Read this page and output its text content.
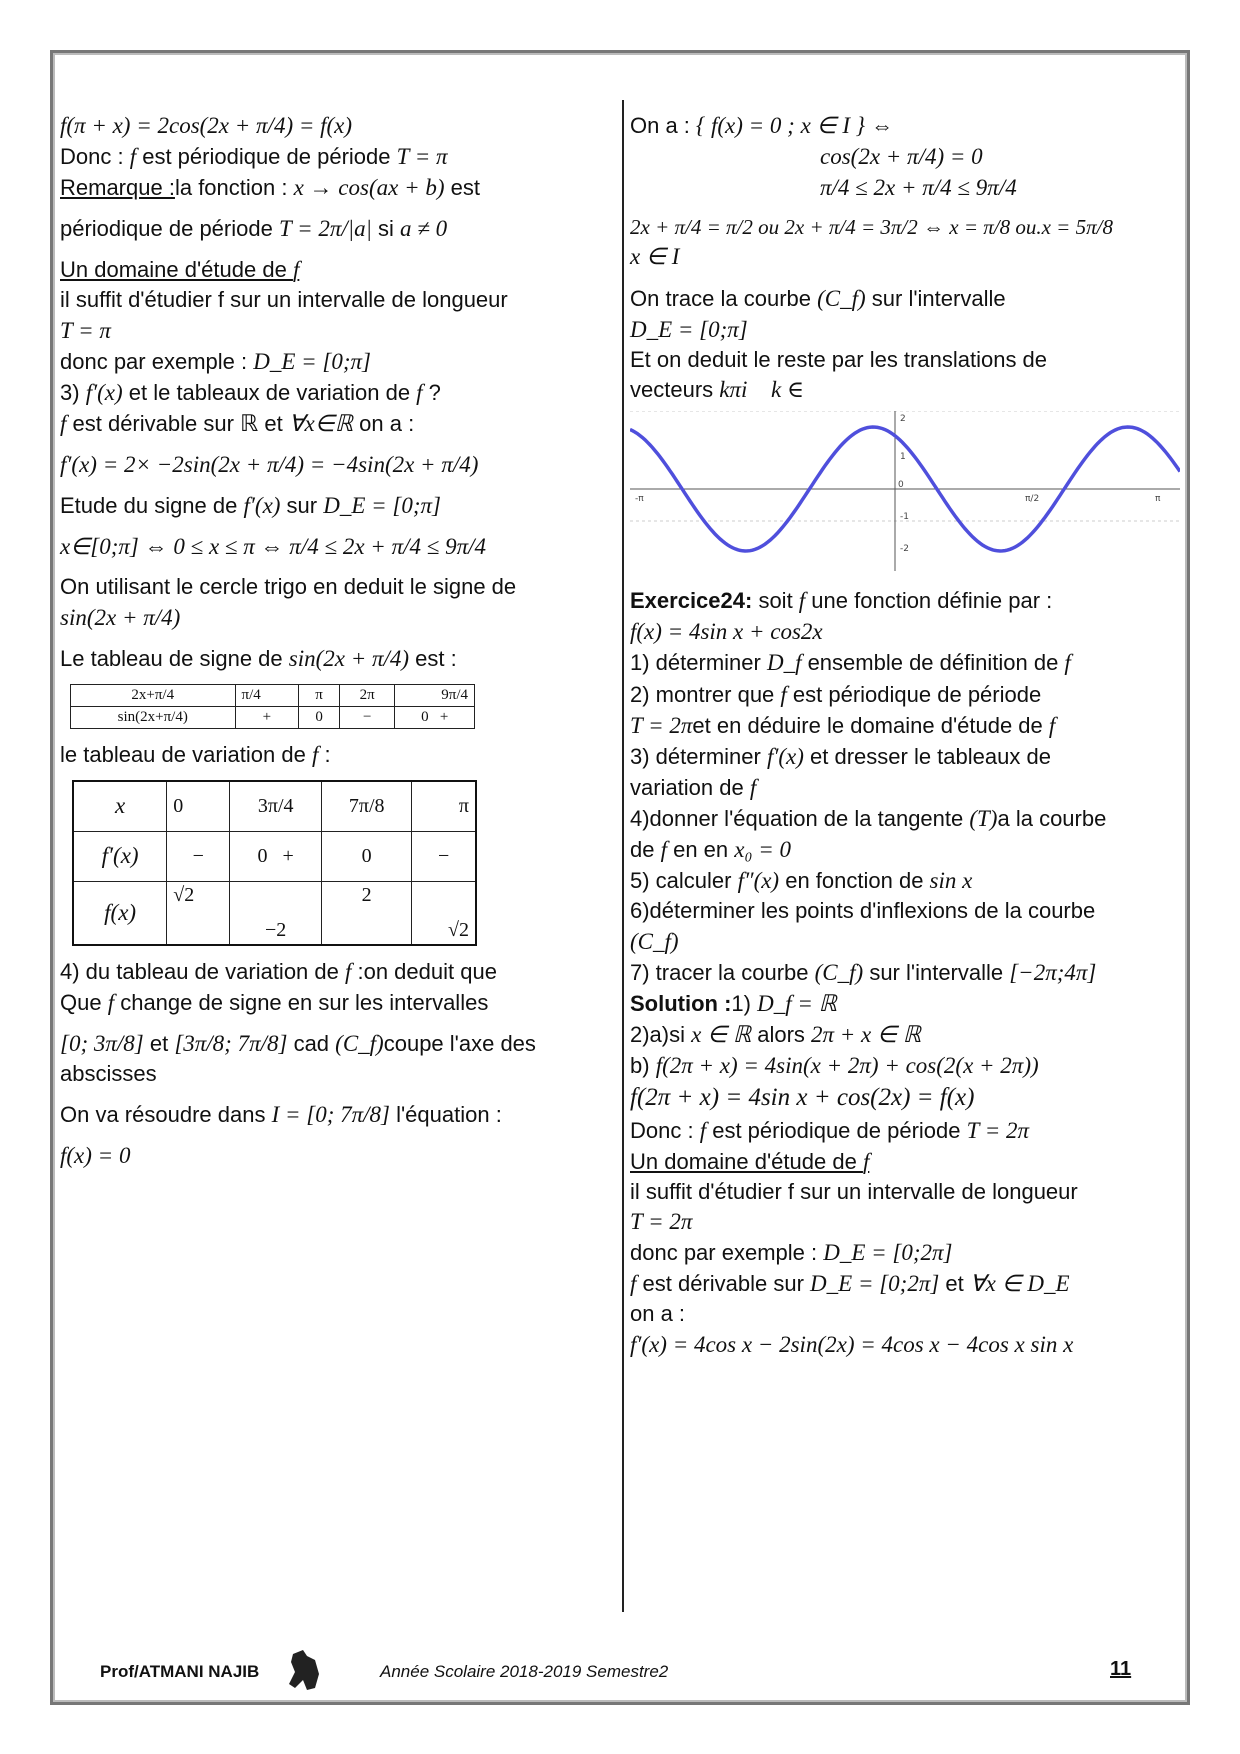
f(π + x) = 2cos(2x + π/4) = f(x)

Donc : f est périodique de période T = π

Remarque :la fonction : x → cos(ax + b) est

périodique de période T = 2π/|a| si a ≠ 0

Un domaine d'étude de f

il suffit d'étudier f sur un intervalle de longueur

T = π

donc par exemple : D_E = [0;π]

3) f′(x) et le tableaux de variation de f ?

f est dérivable sur ℝ et ∀x∈ℝ on a :

f′(x) = 2× −2sin(2x + π/4) = −4sin(2x + π/4)

Etude du signe de f′(x) sur D_E = [0;π]

x∈[0;π] ⇔ 0 ≤ x ≤ π ⇔ π/4 ≤ 2x + π/4 ≤ 9π/4

On utilisant le cercle trigo en deduit le signe de

sin(2x + π/4)

Le tableau de signe de sin(2x + π/4) est :

2x+π/4	π/4	π	2π	9π/4
sin(2x+π/4)	+	0	−	0 +

le tableau de variation de f :

x	0	3π/4	7π/8	π
f′(x)	−	0 +	0	−
f(x)	√2	−2	2	√2

4) du tableau de variation de f :on deduit que

Que f change de signe en sur les intervalles

[0; 3π/8] et [3π/8; 7π/8] cad (C_f)coupe l'axe des

abscisses

On va résoudre dans I = [0; 7π/8] l'équation :

f(x) = 0

On a : { f(x) = 0 ; x ∈ I } ⇔

cos(2x + π/4) = 0

π/4 ≤ 2x + π/4 ≤ 9π/4

2x + π/4 = π/2 ou 2x + π/4 = 3π/2 ⇔ x = π/8 ou.x = 5π/8

x ∈ I

On trace la courbe (C_f) sur l'intervalle

D_E = [0;π]

Et on deduit le reste par les translations de

vecteurs kπi⃗ k ∈ ℤ

2
1
0
-1
-2
-π	π/2	π

Exercice24: soit f une fonction définie par :

f(x) = 4sin x + cos2x

1) déterminer D_f ensemble de définition de f

2) montrer que f est périodique de période

T = 2πet en déduire le domaine d'étude de f

3) déterminer f′(x) et dresser le tableaux de

variation de f

4)donner l'équation de la tangente (T)a la courbe

de f en en x₀ = 0

5) calculer f″(x) en fonction de sin x

6)déterminer les points d'inflexions de la courbe

(C_f)

7) tracer la courbe (C_f) sur l'intervalle [−2π;4π]

Solution :1) D_f = ℝ

2)a)si x ∈ ℝ alors 2π + x ∈ ℝ

b) f(2π + x) = 4sin(x + 2π) + cos(2(x + 2π))

f(2π + x) = 4sin x + cos(2x) = f(x)

Donc : f est périodique de période T = 2π

Un domaine d'étude de f

il suffit d'étudier f sur un intervalle de longueur

T = 2π

donc par exemple : D_E = [0;2π]

f est dérivable sur D_E = [0;2π] et ∀x ∈ D_E

on a :

f′(x) = 4cos x − 2sin(2x) = 4cos x − 4cos x sin x

Prof/ATMANI NAJIB	Année Scolaire 2018-2019 Semestre2	11
